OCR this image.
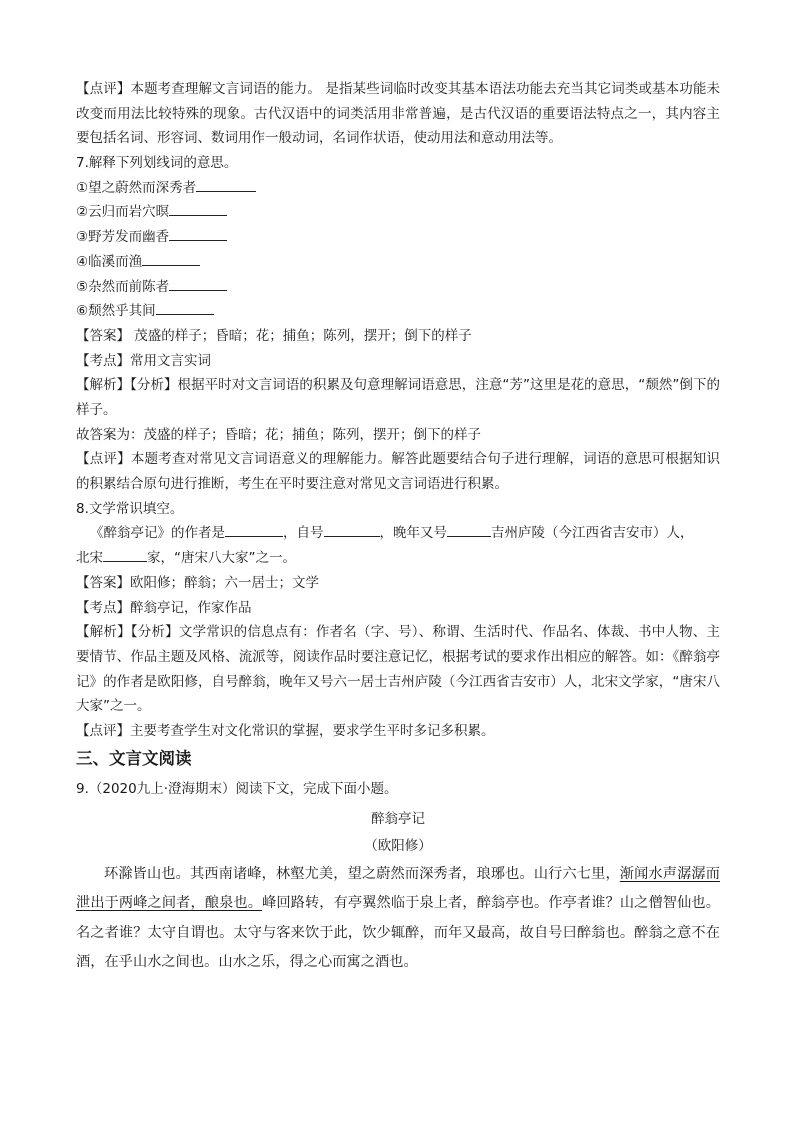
【点评】本题考查理解文言词语的能力。 是指某些词临时改变其基本语法功能去充当其它词类或基本功能未改变而用法比较特殊的现象。古代汉语中的词类活用非常普遍，是古代汉语的重要语法特点之一，其内容主要包括名词、形容词、数词用作一般动词，名词作状语，使动用法和意动用法等。
7.解释下列划线词的意思。
①望之蔚然而深秀者
②云归而岩穴暝
③野芳发而幽香
④临溪而渔
⑤杂然而前陈者
⑥颓然乎其间
【答案】 茂盛的样子；昏暗；花；捕鱼；陈列，摆开；倒下的样子
【考点】常用文言实词
【解析】【分析】根据平时对文言词语的积累及句意理解词语意思，注意“芳”这里是花的意思，“颓然”倒下的样子。
故答案为：茂盛的样子；昏暗；花；捕鱼；陈列，摆开；倒下的样子
【点评】本题考查对常见文言词语意义的理解能力。解答此题要结合句子进行理解，词语的意思可根据知识的积累结合原句进行推断，考生在平时要注意对常见文言词语进行积累。
8.文学常识填空。
《醉翁亭记》的作者是	，自号	，晚年又号	吉州庐陵（今江西省吉安市）人，
北宋	家，“唐宋八大家”之一。
【答案】欧阳修；醉翁；六一居士；文学
【考点】醉翁亭记，作家作品
【解析】【分析】文学常识的信息点有：作者名（字、号）、称谓、生活时代、作品名、体裁、书中人物、主要情节、作品主题及风格、流派等，阅读作品时要注意记忆，根据考试的要求作出相应的解答。如：《醉翁亭记》的作者是欧阳修，自号醉翁，晚年又号六一居士吉州庐陵（今江西省吉安市）人，北宋文学家，“唐宋八大家”之一。
【点评】主要考查学生对文化常识的掌握，要求学生平时多记多积累。
三、文言文阅读
9.（2020九上·澄海期末）阅读下文，完成下面小题。
醉翁亭记
（欧阳修）
环滁皆山也。其西南诸峰，林壑尤美，望之蔚然而深秀者，琅琊也。山行六七里，渐闻水声潺潺而泄出于两峰之间者，酿泉也。峰回路转，有亭翼然临于泉上者，醉翁亭也。作亭者谁？山之僧智仙也。名之者谁？太守自谓也。太守与客来饮于此，饮少辄醉，而年又最高，故自号曰醉翁也。醉翁之意不在酒，在乎山水之间也。山水之乐，得之心而寓之酒也。
